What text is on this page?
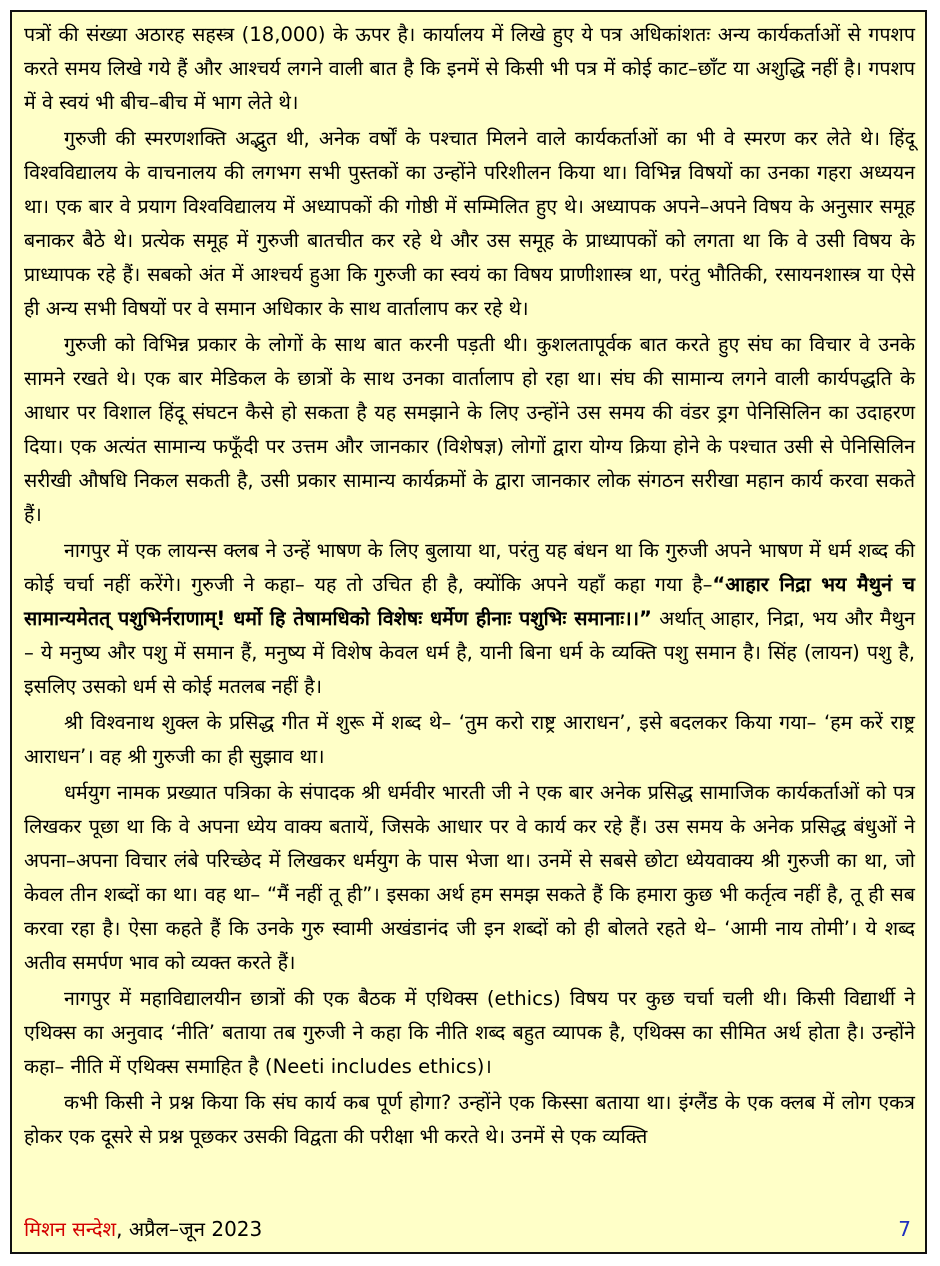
पत्रों की संख्या अठारह सहस्त्र (18,000) के ऊपर है। कार्यालय में लिखे हुए ये पत्र अधिकांशतः अन्य कार्यकर्ताओं से गपशप करते समय लिखे गये हैं और आश्चर्य लगने वाली बात है कि इनमें से किसी भी पत्र में कोई काट–छाँट या अशुद्धि नहीं है। गपशप में वे स्वयं भी बीच–बीच में भाग लेते थे।

गुरुजी की स्मरणशक्ति अद्भुत थी, अनेक वर्षों के पश्चात मिलने वाले कार्यकर्ताओं का भी वे स्मरण कर लेते थे। हिंदू विश्वविद्यालय के वाचनालय की लगभग सभी पुस्तकों का उन्होंने परिशीलन किया था। विभिन्न विषयों का उनका गहरा अध्ययन था। एक बार वे प्रयाग विश्वविद्यालय में अध्यापकों की गोष्ठी में सम्मिलित हुए थे। अध्यापक अपने–अपने विषय के अनुसार समूह बनाकर बैठे थे। प्रत्येक समूह में गुरुजी बातचीत कर रहे थे और उस समूह के प्राध्यापकों को लगता था कि वे उसी विषय के प्राध्यापक रहे हैं। सबको अंत में आश्चर्य हुआ कि गुरुजी का स्वयं का विषय प्राणीशास्त्र था, परंतु भौतिकी, रसायनशास्त्र या ऐसे ही अन्य सभी विषयों पर वे समान अधिकार के साथ वार्तालाप कर रहे थे।

गुरुजी को विभिन्न प्रकार के लोगों के साथ बात करनी पड़ती थी। कुशलतापूर्वक बात करते हुए संघ का विचार वे उनके सामने रखते थे। एक बार मेडिकल के छात्रों के साथ उनका वार्तालाप हो रहा था। संघ की सामान्य लगने वाली कार्यपद्धति के आधार पर विशाल हिंदू संघटन कैसे हो सकता है यह समझाने के लिए उन्होंने उस समय की वंडर ड्रग पेनिसिलिन का उदाहरण दिया। एक अत्यंत सामान्य फफूँदी पर उत्तम और जानकार (विशेषज्ञ) लोगों द्वारा योग्य क्रिया होने के पश्चात उसी से पेनिसिलिन सरीखी औषधि निकल सकती है, उसी प्रकार सामान्य कार्यक्रमों के द्वारा जानकार लोक संगठन सरीखा महान कार्य करवा सकते हैं।

नागपुर में एक लायन्स क्लब ने उन्हें भाषण के लिए बुलाया था, परंतु यह बंधन था कि गुरुजी अपने भाषण में धर्म शब्द की कोई चर्चा नहीं करेंगे। गुरुजी ने कहा– यह तो उचित ही है, क्योंकि अपने यहाँ कहा गया है–“आहार निद्रा भय मैथुनं च सामान्यमेतत् पशुभिर्नराणाम्! धर्मो हि तेषामधिको विशेषः धर्मेण हीनाः पशुभिः समानाः।।” अर्थात् आहार, निद्रा, भय और मैथुन – ये मनुष्य और पशु में समान हैं, मनुष्य में विशेष केवल धर्म है, यानी बिना धर्म के व्यक्ति पशु समान है। सिंह (लायन) पशु है, इसलिए उसको धर्म से कोई मतलब नहीं है।

श्री विश्वनाथ शुक्ल के प्रसिद्ध गीत में शुरू में शब्द थे– ‘तुम करो राष्ट्र आराधन’, इसे बदलकर किया गया– ‘हम करें राष्ट्र आराधन’। वह श्री गुरुजी का ही सुझाव था।

धर्मयुग नामक प्रख्यात पत्रिका के संपादक श्री धर्मवीर भारती जी ने एक बार अनेक प्रसिद्ध सामाजिक कार्यकर्ताओं को पत्र लिखकर पूछा था कि वे अपना ध्येय वाक्य बतायें, जिसके आधार पर वे कार्य कर रहे हैं। उस समय के अनेक प्रसिद्ध बंधुओं ने अपना–अपना विचार लंबे परिच्छेद में लिखकर धर्मयुग के पास भेजा था। उनमें से सबसे छोटा ध्येयवाक्य श्री गुरुजी का था, जो केवल तीन शब्दों का था। वह था– “मैं नहीं तू ही”। इसका अर्थ हम समझ सकते हैं कि हमारा कुछ भी कर्तृत्व नहीं है, तू ही सब करवा रहा है। ऐसा कहते हैं कि उनके गुरु स्वामी अखंडानंद जी इन शब्दों को ही बोलते रहते थे– ‘आमी नाय तोमी’। ये शब्द अतीव समर्पण भाव को व्यक्त करते हैं।

नागपुर में महाविद्यालयीन छात्रों की एक बैठक में एथिक्स (ethics) विषय पर कुछ चर्चा चली थी। किसी विद्यार्थी ने एथिक्स का अनुवाद ‘नीति’ बताया तब गुरुजी ने कहा कि नीति शब्द बहुत व्यापक है, एथिक्स का सीमित अर्थ होता है। उन्होंने कहा– नीति में एथिक्स समाहित है (Neeti includes ethics)।

कभी किसी ने प्रश्न किया कि संघ कार्य कब पूर्ण होगा? उन्होंने एक किस्सा बताया था। इंग्लैंड के एक क्लब में लोग एकत्र होकर एक दूसरे से प्रश्न पूछकर उसकी विद्वता की परीक्षा भी करते थे। उनमें से एक व्यक्ति

मिशन सन्देश, अप्रैल–जून 2023	7
